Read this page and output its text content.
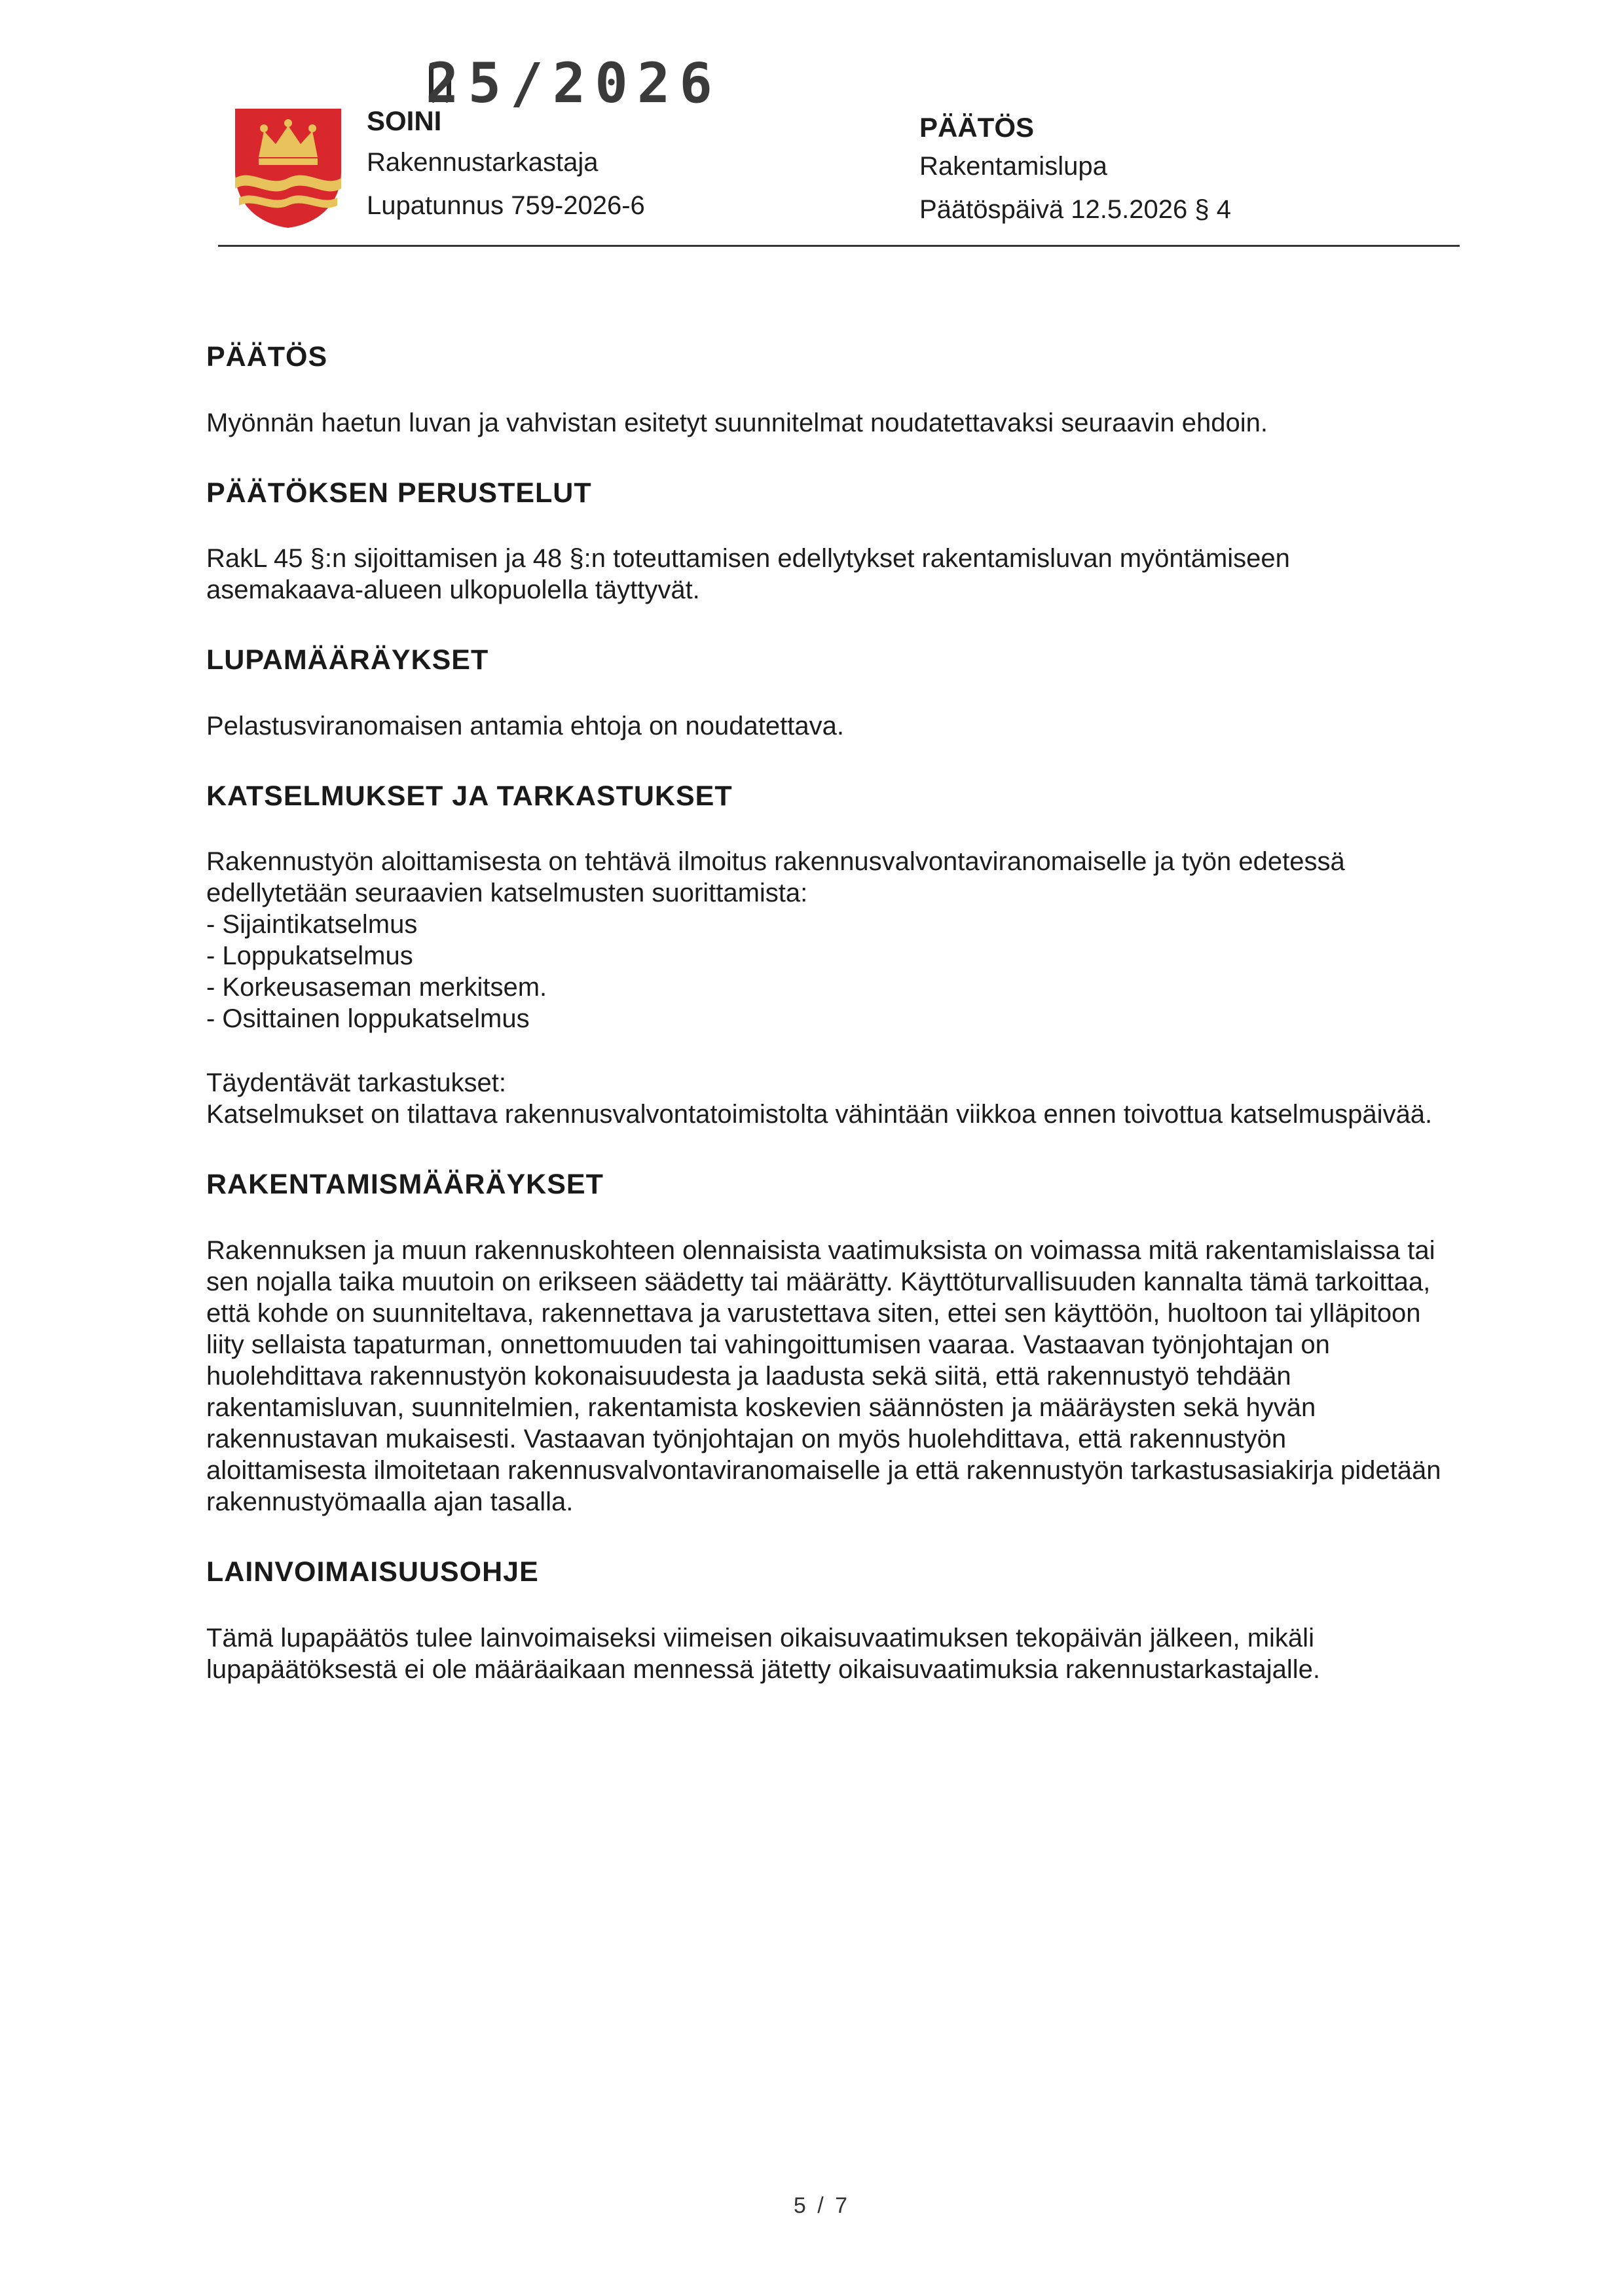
25/2026
SOINI
Rakennustarkastaja
Lupatunnus 759-2026-6
PÄÄTÖS
Rakentamislupa
Päätöspäivä 12.5.2026 § 4
PÄÄTÖS

Myönnän haetun luvan ja vahvistan esitetyt suunnitelmat noudatettavaksi seuraavin ehdoin.

PÄÄTÖKSEN PERUSTELUT

RakL 45 §:n sijoittamisen ja 48 §:n toteuttamisen edellytykset rakentamisluvan myöntämiseen asemakaava-alueen ulkopuolella täyttyvät.

LUPAMÄÄRÄYKSET

Pelastusviranomaisen antamia ehtoja on noudatettava.

KATSELMUKSET JA TARKASTUKSET

Rakennustyön aloittamisesta on tehtävä ilmoitus rakennusvalvontaviranomaiselle ja työn edetessä edellytetään seuraavien katselmusten suorittamista:

- Sijaintikatselmus
- Loppukatselmus
- Korkeusaseman merkitsem.
- Osittainen loppukatselmus

Täydentävät tarkastukset:

Katselmukset on tilattava rakennusvalvontatoimistolta vähintään viikkoa ennen toivottua katselmuspäivää.

RAKENTAMISMÄÄRÄYKSET

Rakennuksen ja muun rakennuskohteen olennaisista vaatimuksista on voimassa mitä rakentamislaissa tai sen nojalla taika muutoin on erikseen säädetty tai määrätty. Käyttöturvallisuuden kannalta tämä tarkoittaa, että kohde on suunniteltava, rakennettava ja varustettava siten, ettei sen käyttöön, huoltoon tai ylläpitoon liity sellaista tapaturman, onnettomuuden tai vahingoittumisen vaaraa. Vastaavan työnjohtajan on huolehdittava rakennustyön kokonaisuudesta ja laadusta sekä siitä, että rakennustyö tehdään rakentamisluvan, suunnitelmien, rakentamista koskevien säännösten ja määräysten sekä hyvän rakennustavan mukaisesti. Vastaavan työnjohtajan on myös huolehdittava, että rakennustyön aloittamisesta ilmoitetaan rakennusvalvontaviranomaiselle ja että rakennustyön tarkastusasiakirja pidetään rakennustyömaalla ajan tasalla.

LAINVOIMAISUUSOHJE

Tämä lupapäätös tulee lainvoimaiseksi viimeisen oikaisuvaatimuksen tekopäivän jälkeen, mikäli lupapäätöksestä ei ole määräaikaan mennessä jätetty oikaisuvaatimuksia rakennustarkastajalle.

5 / 7
